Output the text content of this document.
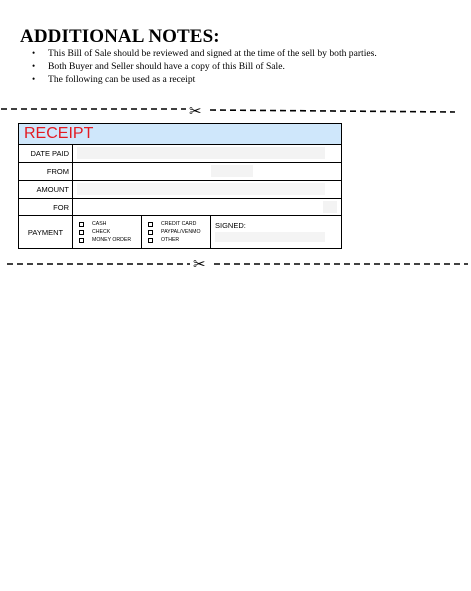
ADDITIONAL NOTES:
• This Bill of Sale should be reviewed and signed at the time of the sell by both parties.
• Both Buyer and Seller should have a copy of this Bill of Sale.
• The following can be used as a receipt
✂
RECEIPT
DATE PAID
FROM
AMOUNT
FOR
PAYMENT
CASH
CHECK
MONEY ORDER
CREDIT CARD
PAYPAL/VENMO
OTHER
SIGNED:
✂
